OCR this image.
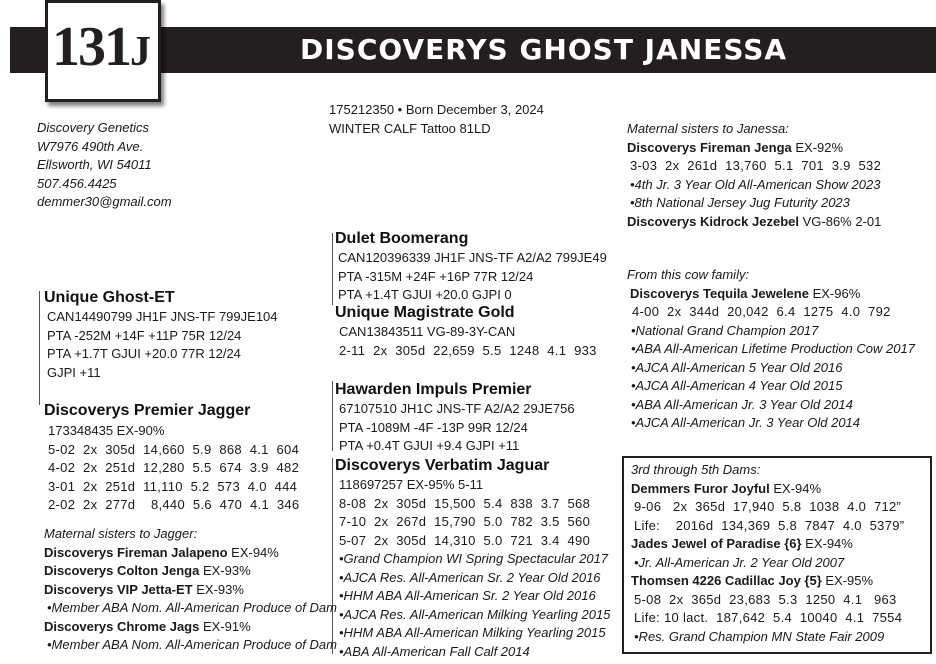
DISCOVERYS GHOST JANESSA
131J
175212350 • Born December 3, 2024
WINTER CALF Tattoo 81LD
Discovery Genetics
W7976 490th Ave.
Ellsworth, WI 54011
507.456.4425
demmer30@gmail.com
Unique Ghost-ET
CAN14490799 JH1F JNS-TF 799JE104
PTA -252M +14F +11P 75R 12/24
PTA +1.7T GJUI +20.0 77R 12/24
GJPI +11
Discoverys Premier Jagger
173348435 EX-90%
5-02  2x  305d  14,660  5.9  868  4.1  604
4-02  2x  251d  12,280  5.5  674  3.9  482
3-01  2x  251d  11,110  5.2  573  4.0  444
2-02  2x  277d    8,440  5.6  470  4.1  346
Maternal sisters to Jagger:
Discoverys Fireman Jalapeno EX-94%
Discoverys Colton Jenga EX-93%
Discoverys VIP Jetta-ET EX-93%
•Member ABA Nom. All-American Produce of Dam
Discoverys Chrome Jags EX-91%
•Member ABA Nom. All-American Produce of Dam
Dulet Boomerang
CAN120396339 JH1F JNS-TF A2/A2 799JE49
PTA -315M +24F +16P 77R 12/24
PTA +1.4T GJUI +20.0 GJPI 0
Unique Magistrate Gold
CAN13843511 VG-89-3Y-CAN
2-11  2x  305d  22,659  5.5  1248  4.1  933
Hawarden Impuls Premier
67107510 JH1C JNS-TF A2/A2 29JE756
PTA -1089M -4F -13P 99R 12/24
PTA +0.4T GJUI +9.4 GJPI +11
Discoverys Verbatim Jaguar
118697257 EX-95% 5-11
8-08  2x  305d  15,500  5.4  838  3.7  568
7-10  2x  267d  15,790  5.0  782  3.5  560
5-07  2x  305d  14,310  5.0  721  3.4  490
•Grand Champion WI Spring Spectacular 2017
•AJCA Res. All-American Sr. 2 Year Old 2016
•HHM ABA All-American Sr. 2 Year Old 2016
•AJCA Res. All-American Milking Yearling 2015
•HHM ABA All-American Milking Yearling 2015
•ABA All-American Fall Calf 2014
Maternal sisters to Janessa:
Discoverys Fireman Jenga EX-92%
3-03  2x  261d  13,760  5.1  701  3.9  532
•4th Jr. 3 Year Old All-American Show 2023
•8th National Jersey Jug Futurity 2023
Discoverys Kidrock Jezebel VG-86% 2-01
From this cow family:
Discoverys Tequila Jewelene EX-96%
4-00  2x  344d  20,042  6.4  1275  4.0  792
•National Grand Champion 2017
•ABA All-American Lifetime Production Cow 2017
•AJCA All-American 5 Year Old 2016
•AJCA All-American 4 Year Old 2015
•ABA All-American Jr. 3 Year Old 2014
•AJCA All-American Jr. 3 Year Old 2014
3rd through 5th Dams:
Demmers Furor Joyful EX-94%
9-06   2x  365d  17,940  5.8  1038  4.0  712”
Life:    2016d  134,369  5.8  7847  4.0  5379”
Jades Jewel of Paradise {6} EX-94%
•Jr. All-American Jr. 2 Year Old 2007
Thomsen 4226 Cadillac Joy {5} EX-95%
5-08  2x  365d  23,683  5.3  1250  4.1   963
Life: 10 lact.  187,642  5.4  10040  4.1  7554
•Res. Grand Champion MN State Fair 2009
